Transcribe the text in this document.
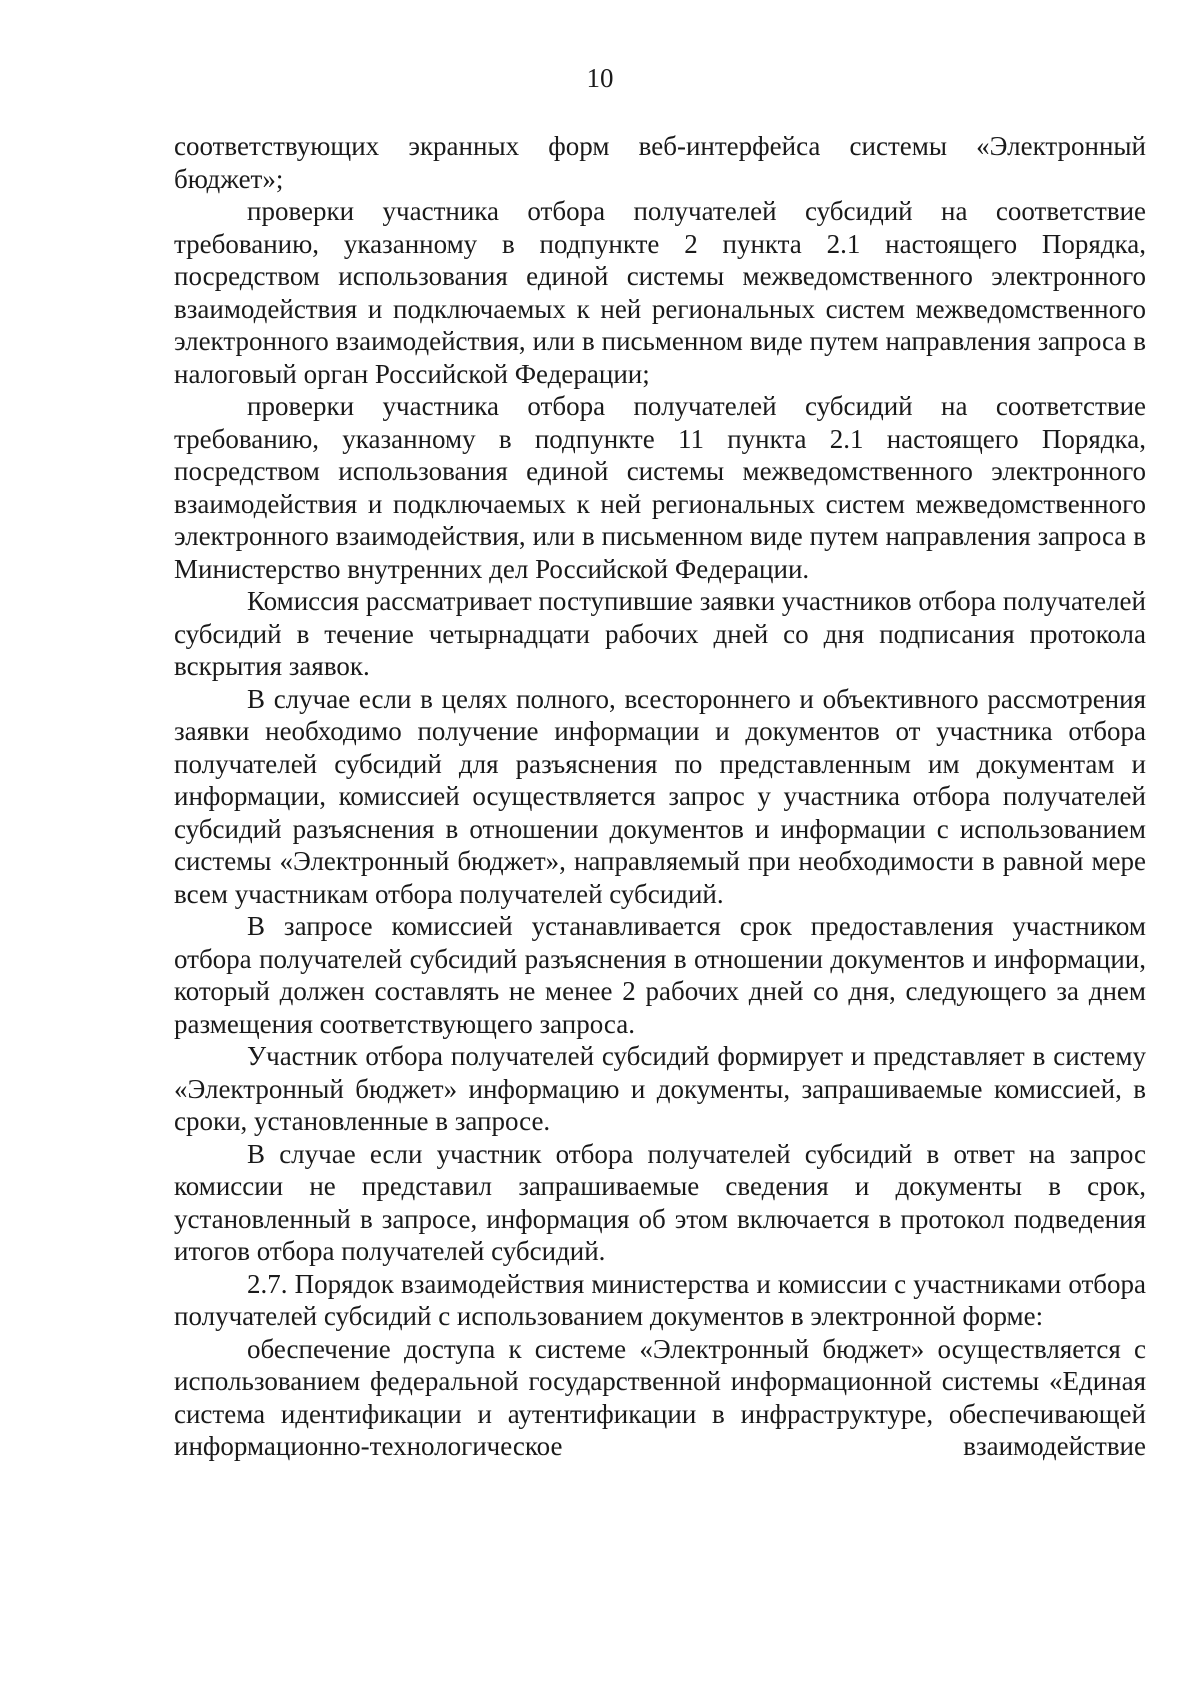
10

соответствующих экранных форм веб-интерфейса системы «Электронный бюджет»;

проверки участника отбора получателей субсидий на соответствие требованию, указанному в подпункте 2 пункта 2.1 настоящего Порядка, посредством использования единой системы межведомственного электронного взаимодействия и подключаемых к ней региональных систем межведомственного электронного взаимодействия, или в письменном виде путем направления запроса в налоговый орган Российской Федерации;

проверки участника отбора получателей субсидий на соответствие требованию, указанному в подпункте 11 пункта 2.1 настоящего Порядка, посредством использования единой системы межведомственного электронного взаимодействия и подключаемых к ней региональных систем межведомственного электронного взаимодействия, или в письменном виде путем направления запроса в Министерство внутренних дел Российской Федерации.

Комиссия рассматривает поступившие заявки участников отбора получателей субсидий в течение четырнадцати рабочих дней со дня подписания протокола вскрытия заявок.

В случае если в целях полного, всестороннего и объективного рассмотрения заявки необходимо получение информации и документов от участника отбора получателей субсидий для разъяснения по представленным им документам и информации, комиссией осуществляется запрос у участника отбора получателей субсидий разъяснения в отношении документов и информации с использованием системы «Электронный бюджет», направляемый при необходимости в равной мере всем участникам отбора получателей субсидий.

В запросе комиссией устанавливается срок предоставления участником отбора получателей субсидий разъяснения в отношении документов и информации, который должен составлять не менее 2 рабочих дней со дня, следующего за днем размещения соответствующего запроса.

Участник отбора получателей субсидий формирует и представляет в систему «Электронный бюджет» информацию и документы, запрашиваемые комиссией, в сроки, установленные в запросе.

В случае если участник отбора получателей субсидий в ответ на запрос комиссии не представил запрашиваемые сведения и документы в срок, установленный в запросе, информация об этом включается в протокол подведения итогов отбора получателей субсидий.

2.7. Порядок взаимодействия министерства и комиссии с участниками отбора получателей субсидий с использованием документов в электронной форме:

обеспечение доступа к системе «Электронный бюджет» осуществляется с использованием федеральной государственной информационной системы «Единая система идентификации и аутентификации в инфраструктуре, обеспечивающей информационно-технологическое взаимодействие
